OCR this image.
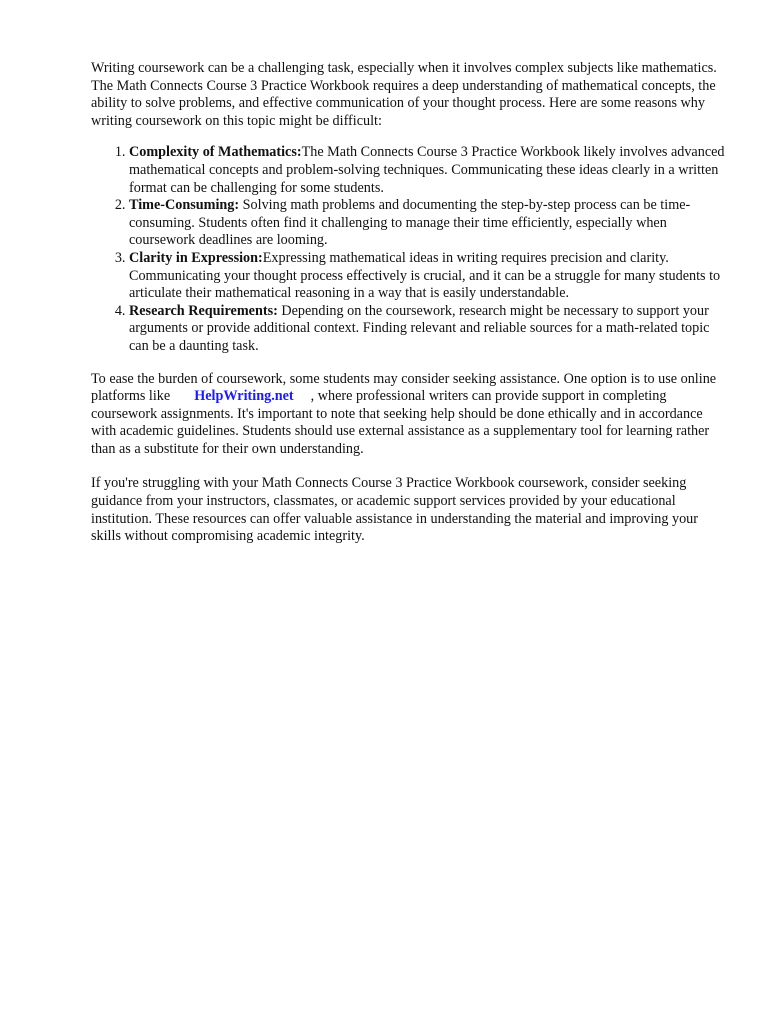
Writing coursework can be a challenging task, especially when it involves complex subjects like mathematics. The Math Connects Course 3 Practice Workbook requires a deep understanding of mathematical concepts, the ability to solve problems, and effective communication of your thought process. Here are some reasons why writing coursework on this topic might be difficult:

1. Complexity of Mathematics:The Math Connects Course 3 Practice Workbook likely involves advanced mathematical concepts and problem-solving techniques. Communicating these ideas clearly in a written format can be challenging for some students.
2. Time-Consuming: Solving math problems and documenting the step-by-step process can be time-consuming. Students often find it challenging to manage their time efficiently, especially when coursework deadlines are looming.
3. Clarity in Expression:Expressing mathematical ideas in writing requires precision and clarity. Communicating your thought process effectively is crucial, and it can be a struggle for many students to articulate their mathematical reasoning in a way that is easily understandable.
4. Research Requirements: Depending on the coursework, research might be necessary to support your arguments or provide additional context. Finding relevant and reliable sources for a math-related topic can be a daunting task.

To ease the burden of coursework, some students may consider seeking assistance. One option is to use online platforms like HelpWriting.net , where professional writers can provide support in completing coursework assignments. It's important to note that seeking help should be done ethically and in accordance with academic guidelines. Students should use external assistance as a supplementary tool for learning rather than as a substitute for their own understanding.

If you're struggling with your Math Connects Course 3 Practice Workbook coursework, consider seeking guidance from your instructors, classmates, or academic support services provided by your educational institution. These resources can offer valuable assistance in understanding the material and improving your skills without compromising academic integrity.
